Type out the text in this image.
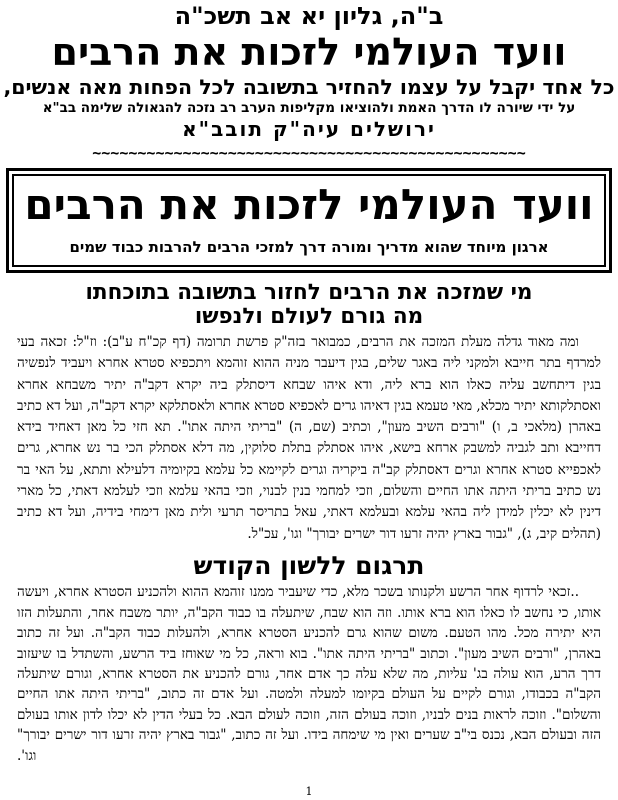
ב"ה, גליון יא אב תשכ"ה
וועד העולמי לזכות את הרבים
כל אחד יקבל על עצמו להחזיר בתשובה לכל הפחות מאה אנשים,
על ידי שיורה לו הדרך האמת ולהוציאו מקליפות הערב רב נזכה להגאולה שלימה בב"א
ירושלים עיה"ק תובב"א
~~~~~~~~~~~~~~~~~~~~~~~~~~~~~~~~~~~~~~~~~~~~~~~~
וועד העולמי לזכות את הרבים
ארגון מיוחד שהוא מדריך ומורה דרך למזכי הרבים להרבות כבוד שמים
מי שמזכה את הרבים לחזור בתשובה בתוכחתו
מה גורם לעולם ולנפשו

ומה מאוד גדלה מעלת המזכה את הרבים, כמבואר בזה"ק פרשת תרומה (דף קכ"ח ע"ב): וז"ל: זכאה בעי למרדף בתר חייבא ולמקני ליה באגר שלים, בגין דיעבר מניה ההוא זוהמא ויתכפיא סטרא אחרא ויעביד לנפשיה בגין דיתחשב עליה כאלו הוא ברא ליה, ודא איהו שבחא דיסתלק ביה יקרא דקב"ה יתיר משבחא אחרא ואסתלקותא יתיר מכלא, מאי טעמא בגין דאיהו גרים לאכפיא סטרא אחרא ולאסתלקא יקרא דקב"ה, ועל דא כתיב באהרן (מלאכי ב, ו) "ורבים השיב מעון", וכתיב (שם, ה) "בריתי היתה אתו". תא חזי כל מאן דאחיד בידא דחייבא ותב לגביה למשבק ארחא בישא, איהו אסתלק בתלת סלוקין, מה דלא אסתלק הכי בר נש אחרא, גרים לאכפייא סטרא אחרא וגרים דאסתלק קב"ה ביקריה וגרים לקיימא כל עלמא בקיומיה דלעילא ותתא, על האי בר נש כתיב בריתי היתה אתו החיים והשלום, וזכי למחמי בנין לבנוי, וזכי בהאי עלמא וזכי לעלמא דאתי, כל מארי דינין לא יכלין למידן ליה בהאי עלמא ובעלמא דאתי, עאל בתריסר תרעי ולית מאן דימחי בידיה, ועל דא כתיב (תהלים קיב, ג), "גבור בארץ יהיה זרעו דור ישרים יבורך" וגו', עכ"ל.

תרגום ללשון הקודש

..זכאי לרדוף אחר הרשע ולקנותו בשכר מלא, כדי שיעביר ממנו זוהמא ההוא ולהכניע הסטרא אחרא, ויעשה אותו, כי נחשב לו כאלו הוא ברא אותו. וזה הוא שבח, שיתעלה בו כבוד הקב"ה, יותר משבח אחר, והתעלות הזו היא יתירה מכל. מהו הטעם. משום שהוא גרם להכניע הסטרא אחרא, ולהעלות כבוד הקב"ה. ועל זה כתוב באהרן, "ורבים השיב מעון". וכתוב "בריתי היתה אתו". בוא וראה, כל מי שאוחז ביד הרשע, והשתדל בו שיעזוב דרך הרע, הוא עולה בג' עליות, מה שלא עלה כך אדם אחר, גורם להכניע את הסטרא אחרא, וגורם שיתעלה הקב"ה בכבודו, וגורם לקיים על העולם בקיומו למעלה ולמטה. ועל אדם זה כתוב, "בריתי היתה אתו החיים והשלום". וזוכה לראות בנים לבניו, וזוכה בעולם הזה, וזוכה לעולם הבא. כל בעלי הדין לא יכלו לדון אותו בעולם הזה ובעולם הבא, נכנס בי"ב שערים ואין מי שימחה בידו. ועל זה כתוב, "גבור בארץ יהיה זרעו דור ישרים יבורך" וגו'.

1
